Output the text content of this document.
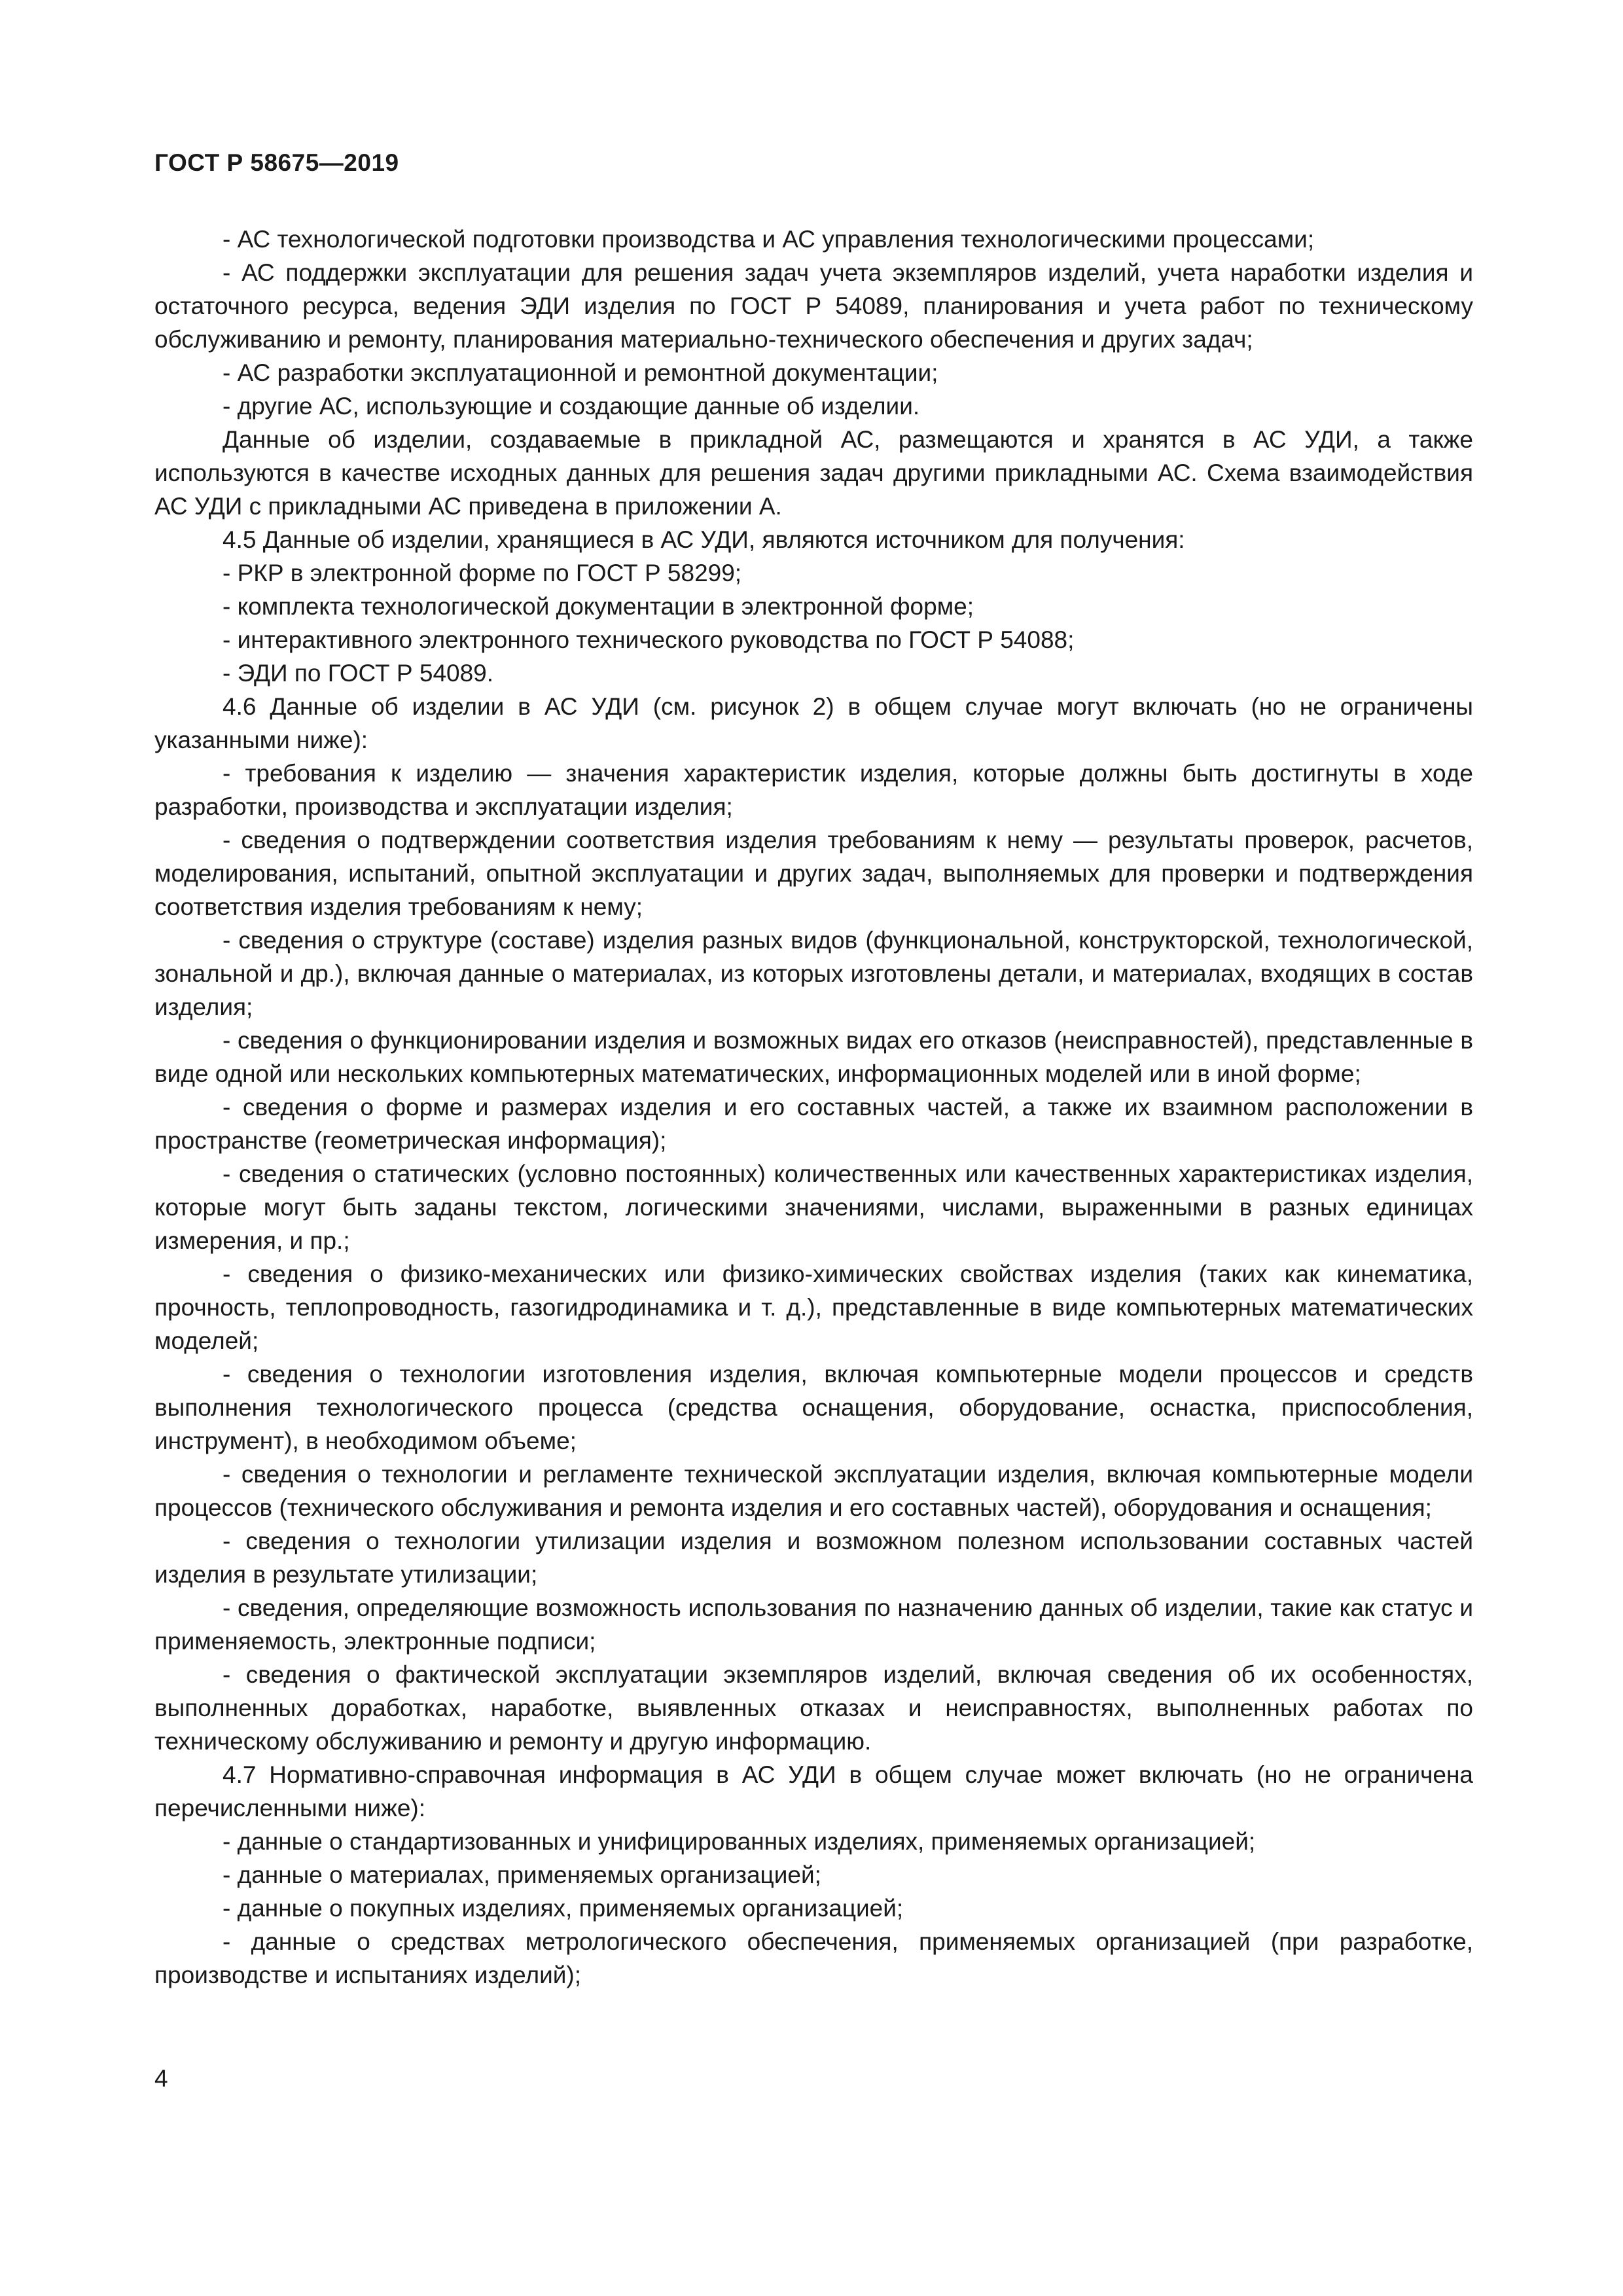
ГОСТ Р 58675—2019

- АС технологической подготовки производства и АС управления технологическими процессами;

- АС поддержки эксплуатации для решения задач учета экземпляров изделий, учета наработки изделия и остаточного ресурса, ведения ЭДИ изделия по ГОСТ Р 54089, планирования и учета работ по техническому обслуживанию и ремонту, планирования материально-технического обеспечения и других задач;

- АС разработки эксплуатационной и ремонтной документации;

- другие АС, использующие и создающие данные об изделии.

Данные об изделии, создаваемые в прикладной АС, размещаются и хранятся в АС УДИ, а также используются в качестве исходных данных для решения задач другими прикладными АС. Схема взаимодействия АС УДИ с прикладными АС приведена в приложении А.

4.5 Данные об изделии, хранящиеся в АС УДИ, являются источником для получения:

- РКР в электронной форме по ГОСТ Р 58299;

- комплекта технологической документации в электронной форме;

- интерактивного электронного технического руководства по ГОСТ Р 54088;

- ЭДИ по ГОСТ Р 54089.

4.6 Данные об изделии в АС УДИ (см. рисунок 2) в общем случае могут включать (но не ограничены указанными ниже):

- требования к изделию — значения характеристик изделия, которые должны быть достигнуты в ходе разработки, производства и эксплуатации изделия;

- сведения о подтверждении соответствия изделия требованиям к нему — результаты проверок, расчетов, моделирования, испытаний, опытной эксплуатации и других задач, выполняемых для проверки и подтверждения соответствия изделия требованиям к нему;

- сведения о структуре (составе) изделия разных видов (функциональной, конструкторской, технологической, зональной и др.), включая данные о материалах, из которых изготовлены детали, и материалах, входящих в состав изделия;

- сведения о функционировании изделия и возможных видах его отказов (неисправностей), представленные в виде одной или нескольких компьютерных математических, информационных моделей или в иной форме;

- сведения о форме и размерах изделия и его составных частей, а также их взаимном расположении в пространстве (геометрическая информация);

- сведения о статических (условно постоянных) количественных или качественных характеристиках изделия, которые могут быть заданы текстом, логическими значениями, числами, выраженными в разных единицах измерения, и пр.;

- сведения о физико-механических или физико-химических свойствах изделия (таких как кинематика, прочность, теплопроводность, газогидродинамика и т. д.), представленные в виде компьютерных математических моделей;

- сведения о технологии изготовления изделия, включая компьютерные модели процессов и средств выполнения технологического процесса (средства оснащения, оборудование, оснастка, приспособления, инструмент), в необходимом объеме;

- сведения о технологии и регламенте технической эксплуатации изделия, включая компьютерные модели процессов (технического обслуживания и ремонта изделия и его составных частей), оборудования и оснащения;

- сведения о технологии утилизации изделия и возможном полезном использовании составных частей изделия в результате утилизации;

- сведения, определяющие возможность использования по назначению данных об изделии, такие как статус и применяемость, электронные подписи;

- сведения о фактической эксплуатации экземпляров изделий, включая сведения об их особенностях, выполненных доработках, наработке, выявленных отказах и неисправностях, выполненных работах по техническому обслуживанию и ремонту и другую информацию.

4.7 Нормативно-справочная информация в АС УДИ в общем случае может включать (но не ограничена перечисленными ниже):

- данные о стандартизованных и унифицированных изделиях, применяемых организацией;

- данные о материалах, применяемых организацией;

- данные о покупных изделиях, применяемых организацией;

- данные о средствах метрологического обеспечения, применяемых организацией (при разработке, производстве и испытаниях изделий);

4
